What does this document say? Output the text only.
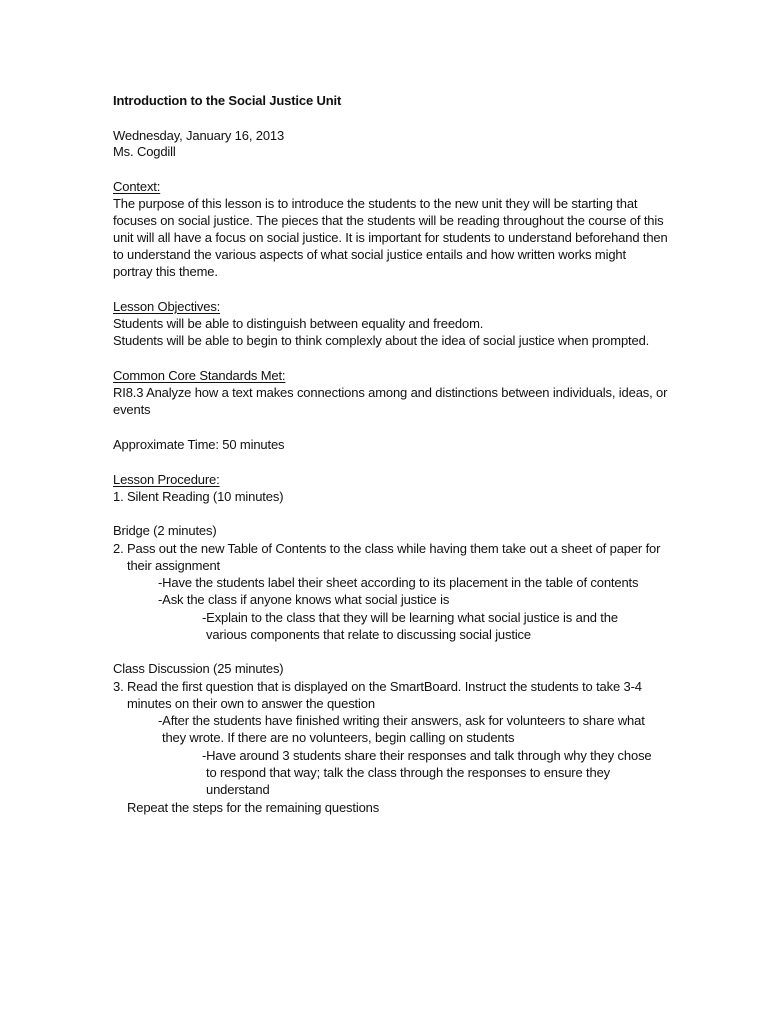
Introduction to the Social Justice Unit
Wednesday, January 16, 2013
Ms. Cogdill
Context:
The purpose of this lesson is to introduce the students to the new unit they will be starting that
focuses on social justice. The pieces that the students will be reading throughout the course of this
unit will all have a focus on social justice. It is important for students to understand beforehand then
to understand the various aspects of what social justice entails and how written works might
portray this theme.
Lesson Objectives:
Students will be able to distinguish between equality and freedom.
Students will be able to begin to think complexly about the idea of social justice when prompted.
Common Core Standards Met:
RI8.3 Analyze how a text makes connections among and distinctions between individuals, ideas, or
events
Approximate Time: 50 minutes
Lesson Procedure:
1. Silent Reading (10 minutes)
Bridge (2 minutes)
2. Pass out the new Table of Contents to the class while having them take out a sheet of paper for
their assignment
-Have the students label their sheet according to its placement in the table of contents
-Ask the class if anyone knows what social justice is
-Explain to the class that they will be learning what social justice is and the
various components that relate to discussing social justice
Class Discussion (25 minutes)
3. Read the first question that is displayed on the SmartBoard. Instruct the students to take 3-4
minutes on their own to answer the question
-After the students have finished writing their answers, ask for volunteers to share what
they wrote. If there are no volunteers, begin calling on students
-Have around 3 students share their responses and talk through why they chose
to respond that way; talk the class through the responses to ensure they
understand
Repeat the steps for the remaining questions
